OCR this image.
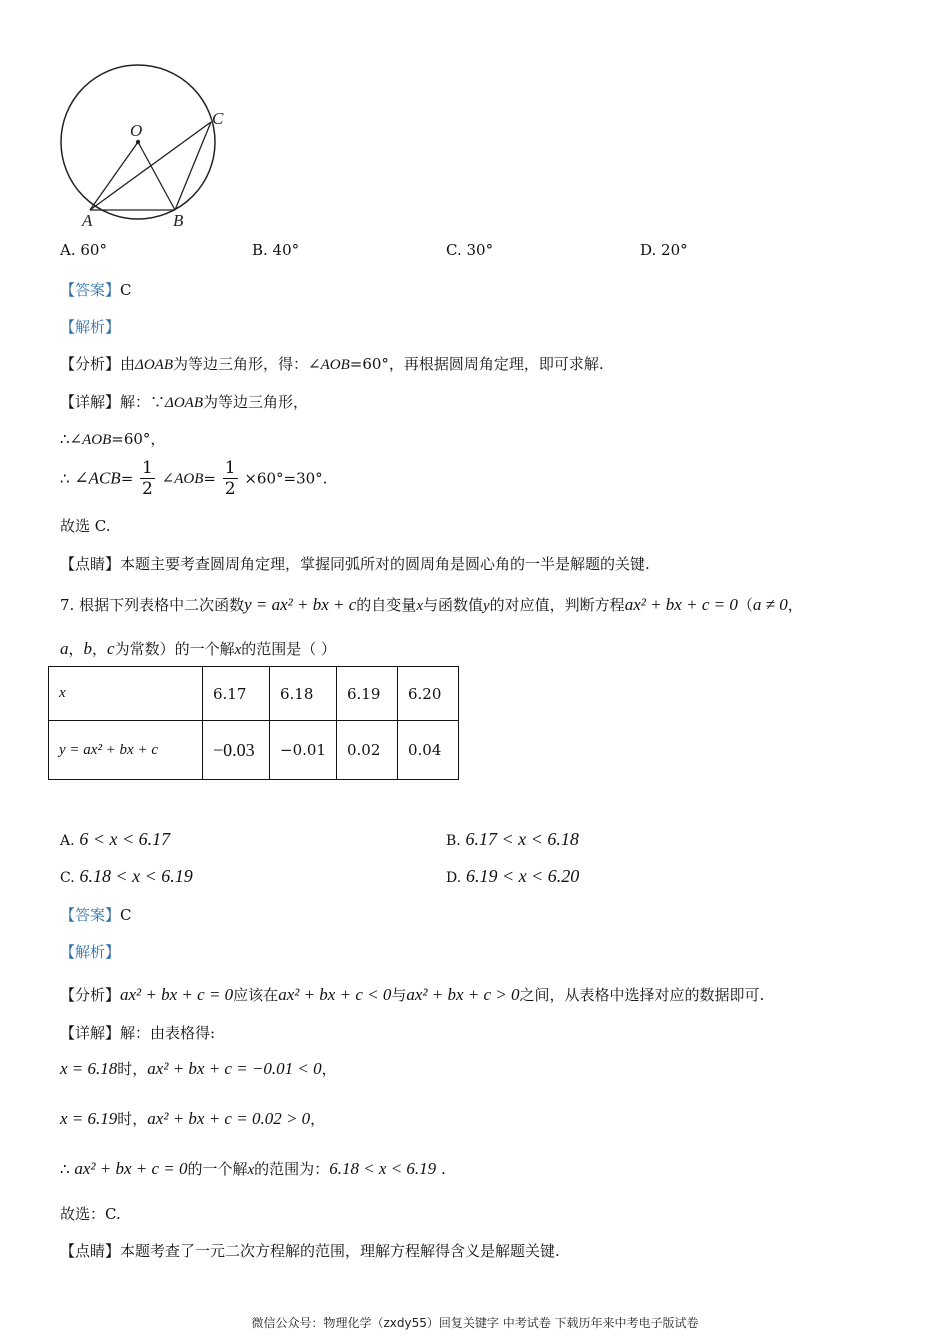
O
A	B
C
A. 60°	B. 40°	C. 30°	D. 20°
【答案】C
【解析】
【分析】由ΔOAB为等边三角形，得：∠AOB=60°，再根据圆周角定理，即可求解.
【详解】解：∵ΔOAB为等边三角形，
∴∠AOB=60°，
∴ ∠ACB= $\frac{1}{2}$ ∠AOB= $\frac{1}{2} \times 60^\circ=30^\circ$.
故选 C.
【点睛】本题主要考查圆周角定理，掌握同弧所对的圆周角是圆心角的一半是解题的关键.
7. 根据下列表格中二次函数y = ax² + bx + c的自变量x与函数值y的对应值，判断方程ax² + bx + c = 0（a ≠ 0，
a，b，c为常数）的一个解x的范围是（ ）
x	6.17	6.18	6.19	6.20
y = ax² + bx + c	−0.03	−0.01	0.02	0.04
A. 6 < x < 6.17	B. 6.17 < x < 6.18
C. 6.18 < x < 6.19	D. 6.19 < x < 6.20
【答案】C
【解析】
【分析】ax² + bx + c = 0应该在ax² + bx + c < 0与ax² + bx + c > 0之间，从表格中选择对应的数据即可.
【详解】解：由表格得:
x = 6.18时，ax² + bx + c = −0.01 < 0，
x = 6.19时，ax² + bx + c = 0.02 > 0，
∴ ax² + bx + c = 0的一个解x的范围为：6.18 < x < 6.19 .
故选：C.
【点睛】本题考查了一元二次方程解的范围，理解方程解得含义是解题关键.
微信公众号：物理化学（zxdy55）回复关键字 中考试卷 下载历年来中考电子版试卷
